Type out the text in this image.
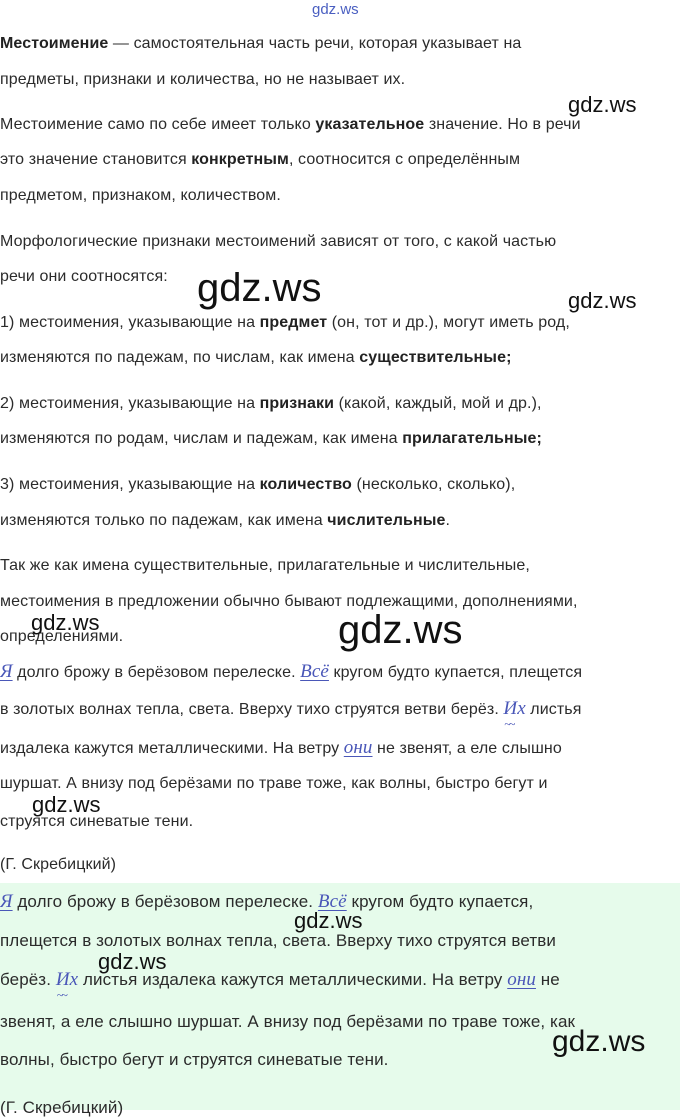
gdz.ws
gdz.ws
gdz.ws	gdz.ws
gdz.ws	gdz.ws
gdz.ws
gdz.ws
gdz.ws
gdz.ws
Местоимение — самостоятельная часть речи, которая указывает на
предметы, признаки и количества, но не называет их.
Местоимение само по себе имеет только указательное значение. Но в речи
это значение становится конкретным, соотносится с определённым
предметом, признаком, количеством.
Морфологические признаки местоимений зависят от того, с какой частью
речи они соотносятся:
1) местоимения, указывающие на предмет (он, тот и др.), могут иметь род,
изменяются по падежам, по числам, как имена существительные;
2) местоимения, указывающие на признаки (какой, каждый, мой и др.),
изменяются по родам, числам и падежам, как имена прилагательные;
3) местоимения, указывающие на количество (несколько, сколько),
изменяются только по падежам, как имена числительные.
Так же как имена существительные, прилагательные и числительные,
местоимения в предложении обычно бывают подлежащими, дополнениями,
определениями.
Я долго брожу в берёзовом перелеске. Всё кругом будто купается, плещется
в золотых волнах тепла, света. Вверху тихо струятся ветви берёз. Их ~~ листья
издалека кажутся металлическими. На ветру они не звенят, а еле слышно
шуршат. А внизу под берёзами по траве тоже, как волны, быстро бегут и
струятся синеватые тени.
(Г. Скребицкий)
Я долго брожу в берёзовом перелеске. Всё кругом будто купается,
плещется в золотых волнах тепла, света. Вверху тихо струятся ветви
берёз. Их ~~ листья издалека кажутся металлическими. На ветру они не
звенят, а еле слышно шуршат. А внизу под берёзами по траве тоже, как
волны, быстро бегут и струятся синеватые тени.
(Г. Скребицкий)
